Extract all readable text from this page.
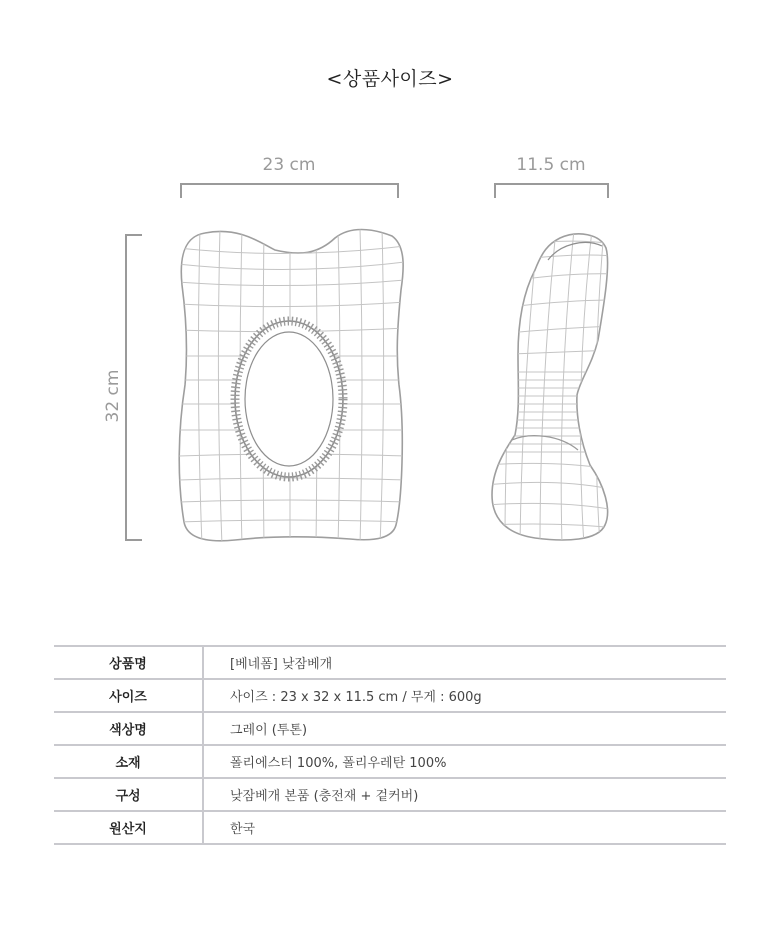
<상품사이즈>
23 cm	11.5 cm
32 cm
상품명	[베네폼] 낮잠베개
사이즈	사이즈 : 23 x 32 x 11.5 cm / 무게 : 600g
색상명	그레이 (투톤)
소재	폴리에스터 100%, 폴리우레탄 100%
구성	낮잠베개 본품 (충전재 + 겉커버)
원산지	한국
